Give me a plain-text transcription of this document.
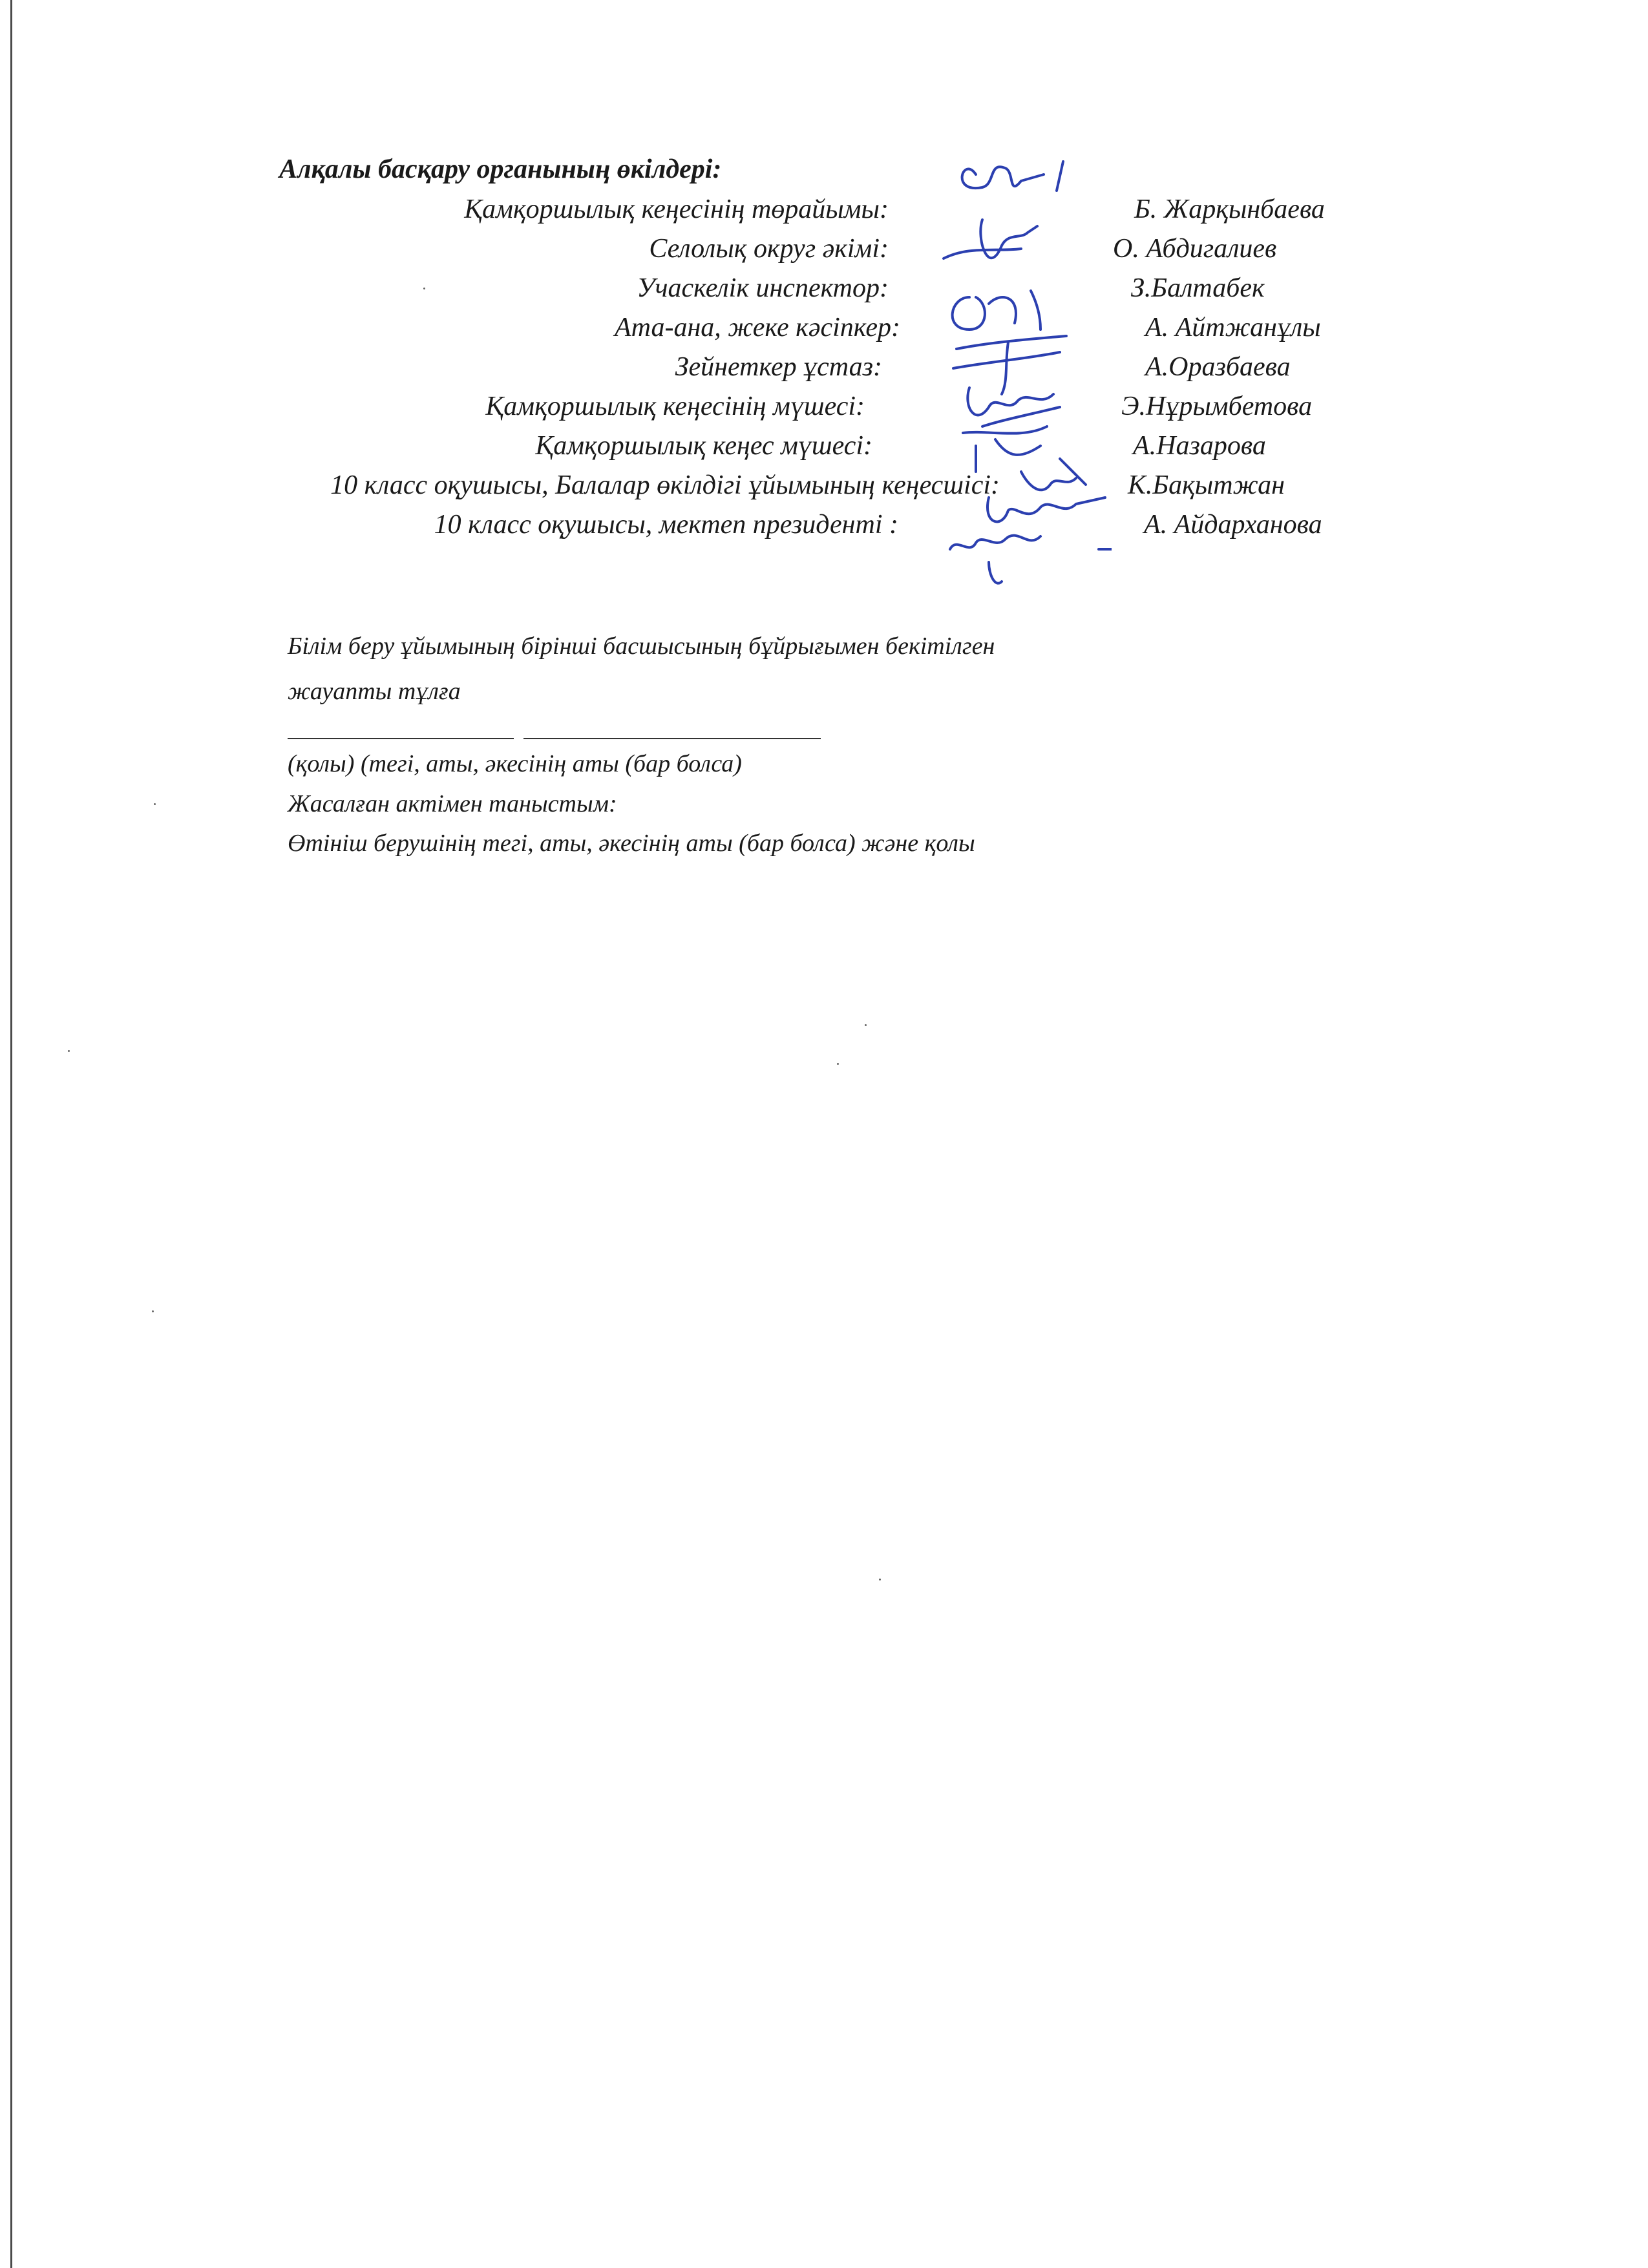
Алқалы басқару органының өкілдері:
Қамқоршылық кеңесінің төрайымы:
Селолық округ әкімі:
Учаскелік инспектор:
Ата-ана, жеке кәсіпкер:
Зейнеткер ұстаз:
Қамқоршылық кеңесінің мүшесі:
Қамқоршылық кеңес мүшесі:
10 класс оқушысы, Балалар өкілдігі ұйымының кеңесшісі:
10 класс оқушысы, мектеп президенті :
Б. Жарқынбаева
О. Абдигалиев
З.Балтабек
А. Айтжанұлы
А.Оразбаева
Э.Нұрымбетова
А.Назарова
К.Бақытжан
А. Айдарханова
Білім беру ұйымының бірінші басшысының бұйрығымен бекітілген
жауапты тұлға
(қолы) (тегі, аты, әкесінің аты (бар болса)
Жасалған актімен таныстым:
Өтініш берушінің тегі, аты, әкесінің аты (бар болса) және қолы
